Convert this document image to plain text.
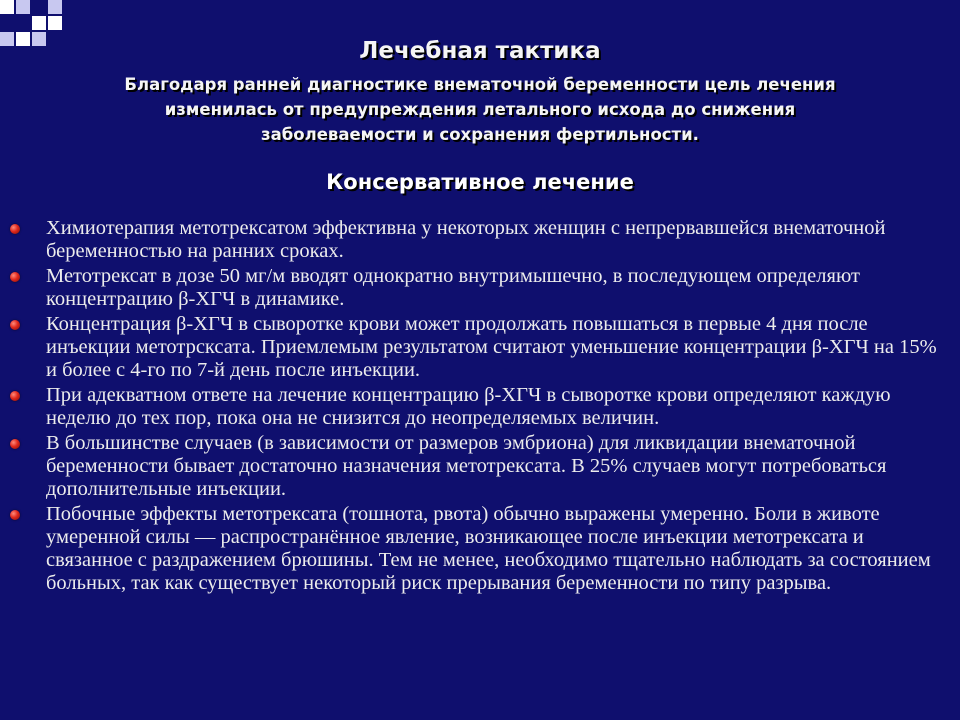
Лечебная тактика
Благодаря ранней диагностике внематочной беременности цель лечения изменилась от предупреждения летального исхода до снижения заболеваемости и сохранения фертильности.
Консервативное лечение
Химиотерапия метотрексатом эффективна у некоторых женщин с непрервавшейся внематочной беременностью на ранних сроках.
Метотрексат в дозе 50 мг/м вводят однократно внутримышечно, в последующем определяют концентрацию β-ХГЧ в динамике.
Концентрация β-ХГЧ в сыворотке крови может продолжать повышаться в первые 4 дня после инъекции метотрсксата. Приемлемым результатом считают уменьшение концентрации β-ХГЧ на 15% и более с 4-го по 7-й день после инъекции.
При адекватном ответе на лечение концентрацию β-ХГЧ в сыворотке крови определяют каждую неделю до тех пор, пока она не снизится до неопределяемых величин.
В большинстве случаев (в зависимости от размеров эмбриона) для ликвидации внематочной беременности бывает достаточно назначения метотрексата. В 25% случаев могут потребоваться дополнительные инъекции.
Побочные эффекты метотрексата (тошнота, рвота) обычно выражены умеренно. Боли в животе умеренной силы — распространённое явление, возникающее после инъекции метотрексата и связанное с раздражением брюшины. Тем не менее, необходимо тщательно наблюдать за состоянием больных, так как существует некоторый риск прерывания беременности по типу разрыва.
